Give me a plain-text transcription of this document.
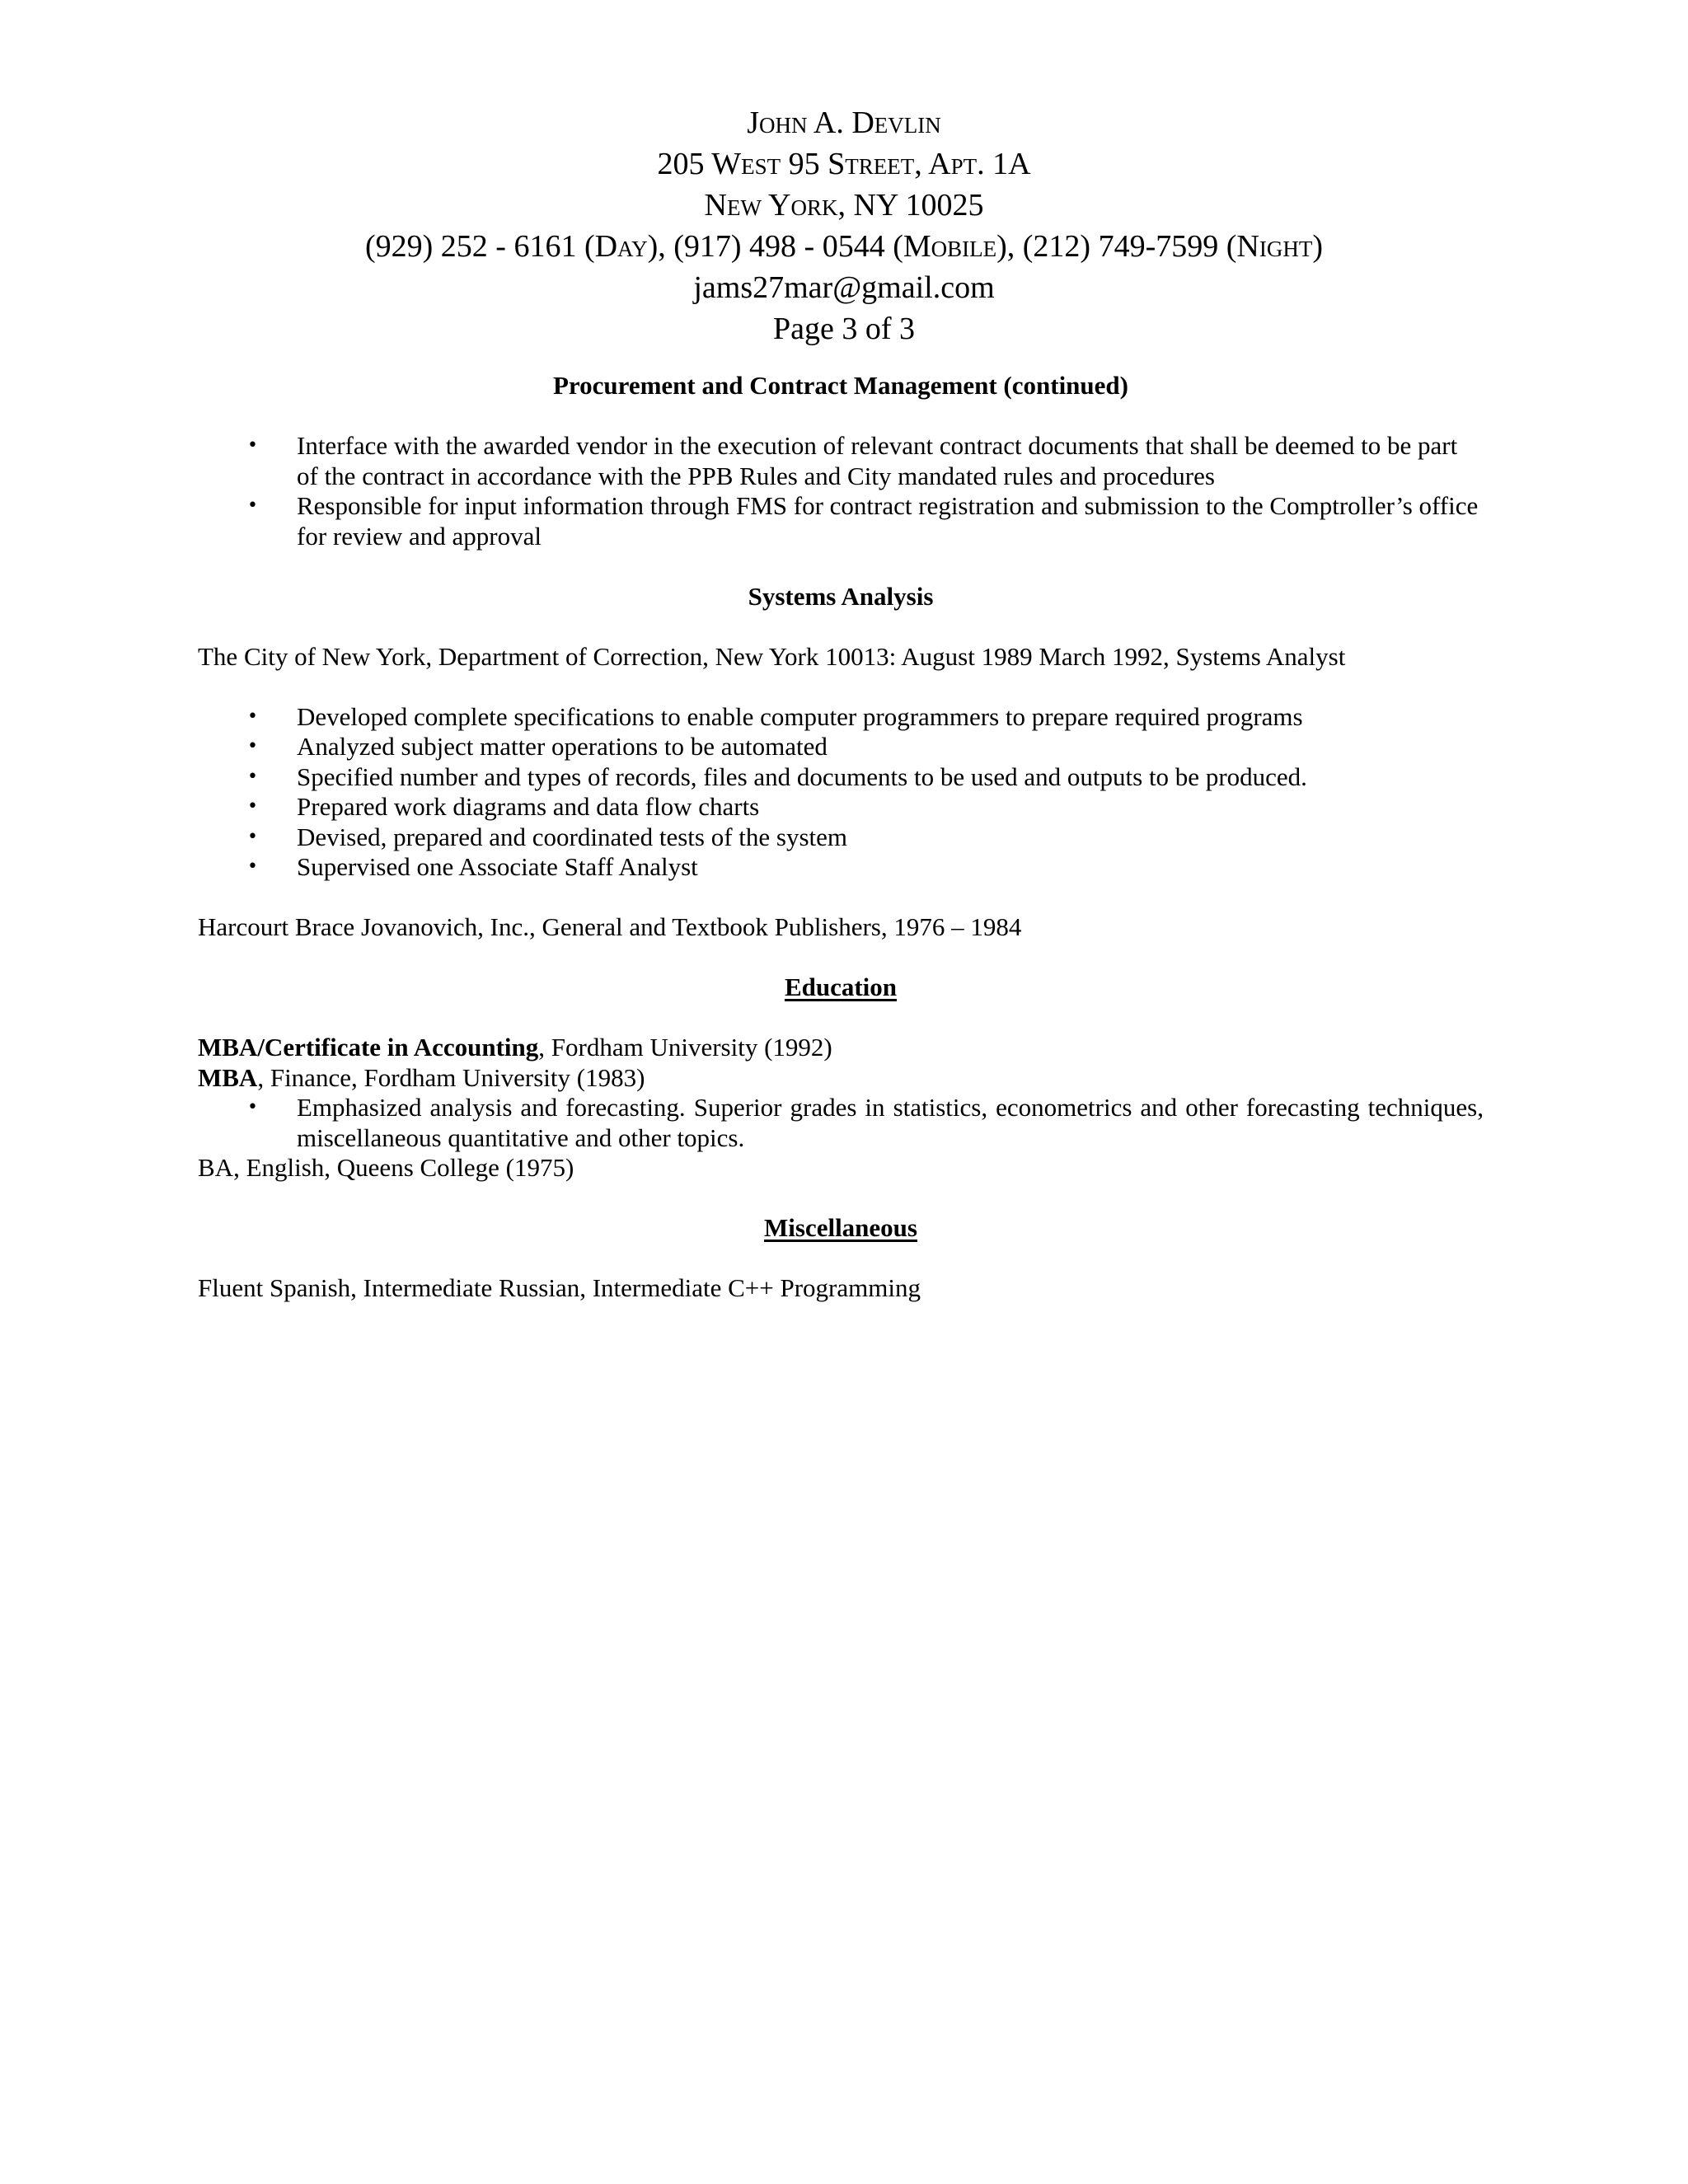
John A. Devlin
205 West 95 Street, Apt. 1A
New York, NY 10025
(929) 252 - 6161 (Day), (917) 498 - 0544 (Mobile), (212) 749-7599 (Night)
jams27mar@gmail.com
Page 3 of 3

Procurement and Contract Management (continued)

• Interface with the awarded vendor in the execution of relevant contract documents that shall be deemed to be part of the contract in accordance with the PPB Rules and City mandated rules and procedures
• Responsible for input information through FMS for contract registration and submission to the Comptroller’s office for review and approval

Systems Analysis

The City of New York, Department of Correction, New York 10013: August 1989 March 1992, Systems Analyst

• Developed complete specifications to enable computer programmers to prepare required programs
• Analyzed subject matter operations to be automated
• Specified number and types of records, files and documents to be used and outputs to be produced.
• Prepared work diagrams and data flow charts
• Devised, prepared and coordinated tests of the system
• Supervised one Associate Staff Analyst

Harcourt Brace Jovanovich, Inc., General and Textbook Publishers, 1976 – 1984

Education

MBA/Certificate in Accounting, Fordham University (1992)

MBA, Finance, Fordham University (1983)

• Emphasized analysis and forecasting. Superior grades in statistics, econometrics and other forecasting techniques, miscellaneous quantitative and other topics.

BA, English, Queens College (1975)

Miscellaneous

Fluent Spanish, Intermediate Russian, Intermediate C++ Programming
